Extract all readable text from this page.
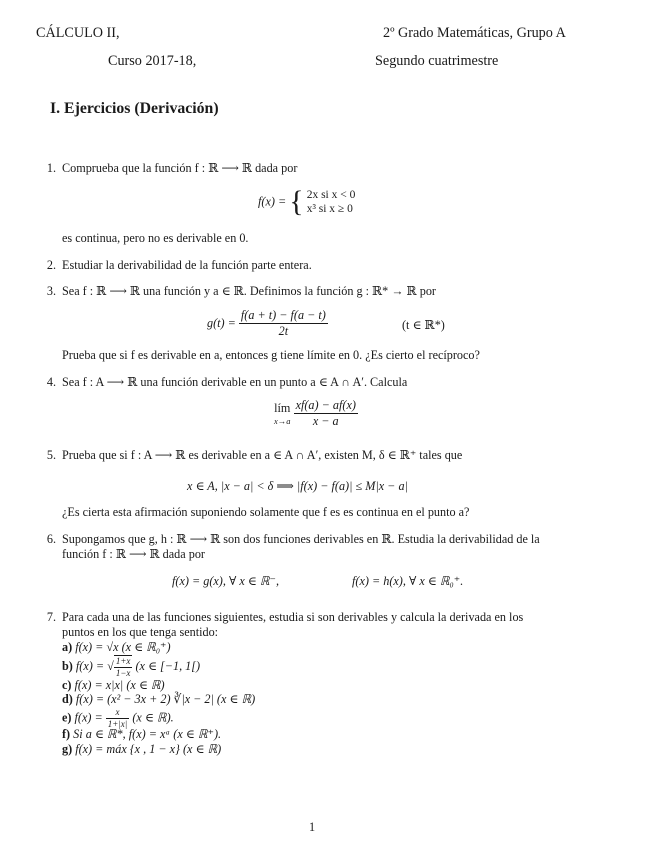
CÁLCULO II,	2º Grado Matemáticas, Grupo A
Curso 2017-18,	Segundo cuatrimestre
I. Ejercicios (Derivación)
1. Comprueba que la función f : ℝ ⟶ ℝ dada por
f(x) = { 2x si x < 0
x³ si x ≥ 0
es continua, pero no es derivable en 0.
2. Estudiar la derivabilidad de la función parte entera.
3. Sea f : ℝ ⟶ ℝ una función y a ∈ ℝ. Definimos la función g : ℝ* → ℝ por
$g(t) = \frac{f(a + t) - f(a - t)}{2t}$	(t ∈ ℝ*)
Prueba que si f es derivable en a, entonces g tiene límite en 0. ¿Es cierto el recíproco?
4. Sea f : A ⟶ ℝ una función derivable en un punto a ∈ A ∩ A′. Calcula
lím
x→a
$\frac{xf(a) - af(x)}{x - a}$
5. Prueba que si f : A ⟶ ℝ es derivable en a ∈ A ∩ A′, existen M, δ ∈ ℝ⁺ tales que
x ∈ A, |x − a| < δ ⟹ |f(x) − f(a)| ≤ M|x − a|
¿Es cierta esta afirmación suponiendo solamente que f es es continua en el punto a?
6. Supongamos que g, h : ℝ ⟶ ℝ son dos funciones derivables en ℝ. Estudia la derivabilidad de la
función f : ℝ ⟶ ℝ dada por
f(x) = g(x), ∀ x ∈ ℝ⁻,	f(x) = h(x), ∀ x ∈ ℝ₀⁺.
7. Para cada una de las funciones siguientes, estudia si son derivables y calcula la derivada en los
puntos en los que tenga sentido:
a) f(x) = √x (x ∈ ℝ₀⁺)
b) f(x) = √ $\frac{1+x}{1-x} (x$ ∈ [−1, 1[)
c) f(x) = x|x| (x ∈ ℝ)
d) f(x) = (x² − 3x + 2) ∛|x − 2| (x ∈ ℝ)
e) $f(x) = \frac{x}{1+|x|} (x$ ∈ ℝ).
f) Si a ∈ ℝ*, f(x) = xᵃ (x ∈ ℝ⁺).
g) f(x) = máx {x , 1 − x} (x ∈ ℝ)
1
